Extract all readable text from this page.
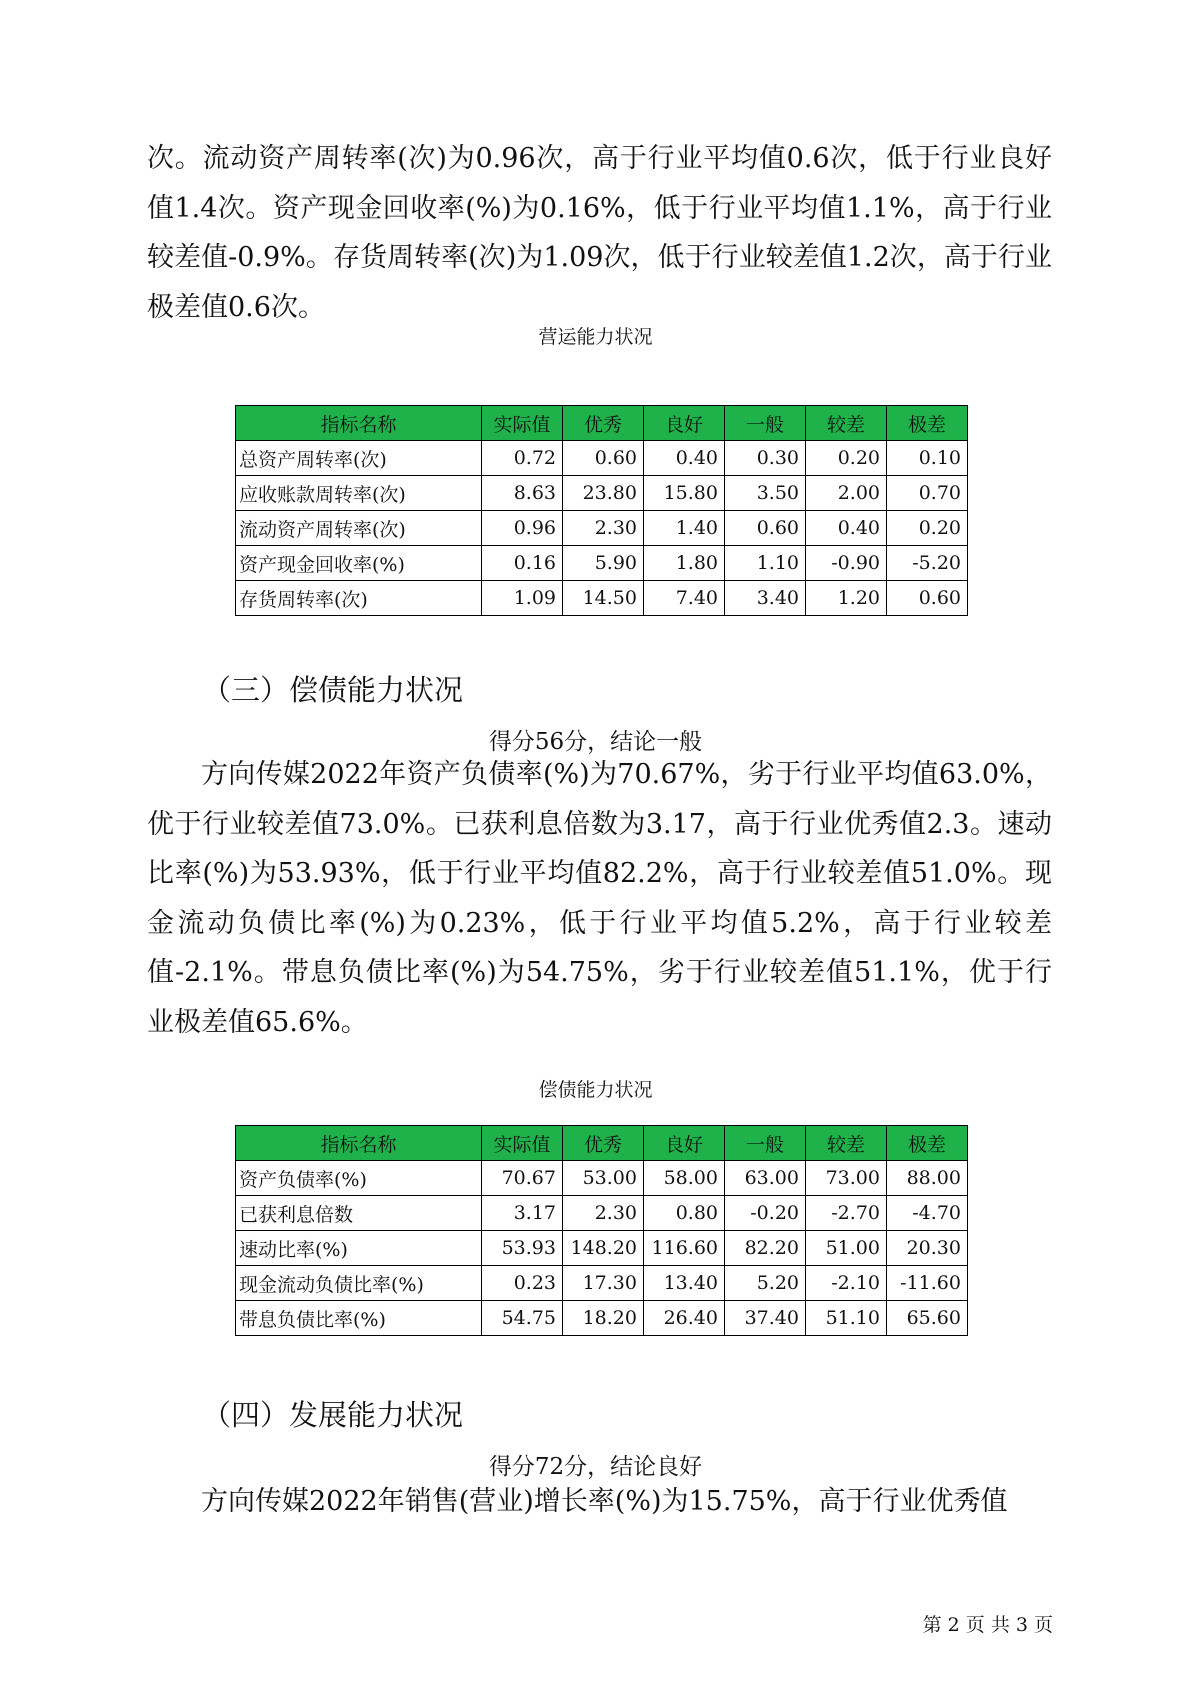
次。流动资产周转率(次)为0.96次，高于行业平均值0.6次，低于行业良好值1.4次。资产现金回收率(%)为0.16%，低于行业平均值1.1%，高于行业较差值-0.9%。存货周转率(次)为1.09次，低于行业较差值1.2次，高于行业极差值0.6次。

营运能力状况

指标名称	实际值	优秀	良好	一般	较差	极差
总资产周转率(次)	0.72	0.60	0.40	0.30	0.20	0.10
应收账款周转率(次)	8.63	23.80	15.80	3.50	2.00	0.70
流动资产周转率(次)	0.96	2.30	1.40	0.60	0.40	0.20
资产现金回收率(%)	0.16	5.90	1.80	1.10	-0.90	-5.20
存货周转率(次)	1.09	14.50	7.40	3.40	1.20	0.60
（三）偿债能力状况

得分56分，结论一般

方向传媒2022年资产负债率(%)为70.67%，劣于行业平均值63.0%，优于行业较差值73.0%。已获利息倍数为3.17，高于行业优秀值2.3。速动比率(%)为53.93%，低于行业平均值82.2%，高于行业较差值51.0%。现金流动负债比率(%)为0.23%，低于行业平均值5.2%，高于行业较差值-2.1%。带息负债比率(%)为54.75%，劣于行业较差值51.1%，优于行业极差值65.6%。

偿债能力状况

指标名称	实际值	优秀	良好	一般	较差	极差
资产负债率(%)	70.67	53.00	58.00	63.00	73.00	88.00
已获利息倍数	3.17	2.30	0.80	-0.20	-2.70	-4.70
速动比率(%)	53.93	148.20	116.60	82.20	51.00	20.30
现金流动负债比率(%)	0.23	17.30	13.40	5.20	-2.10	-11.60
带息负债比率(%)	54.75	18.20	26.40	37.40	51.10	65.60
（四）发展能力状况

得分72分，结论良好

方向传媒2022年销售(营业)增长率(%)为15.75%，高于行业优秀值

第 2 页 共 3 页
